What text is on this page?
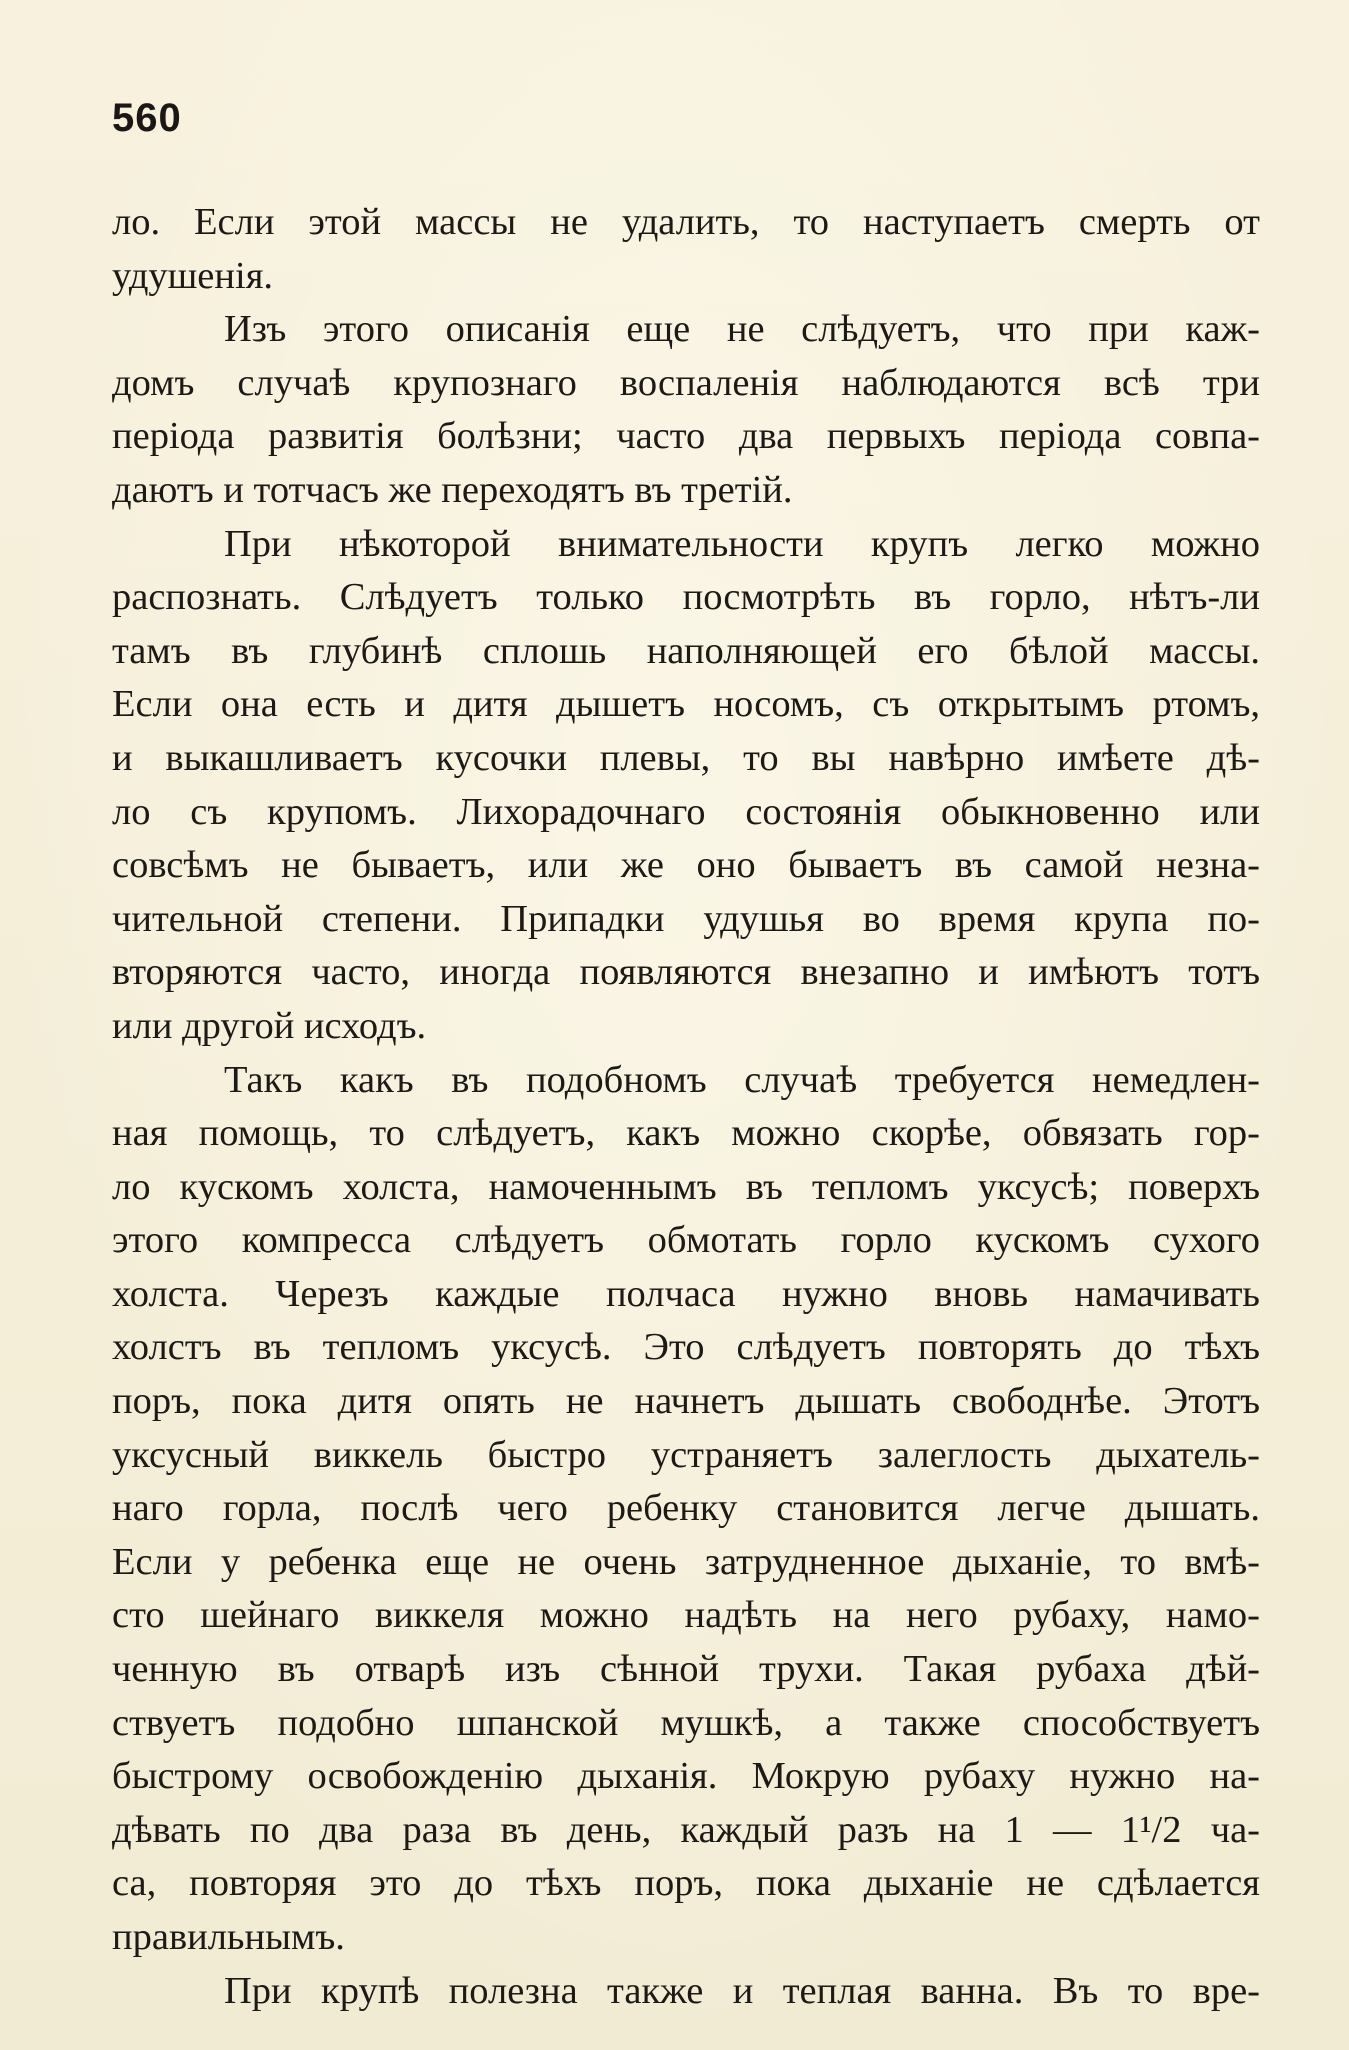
560
ло. Если этой массы не удалить, то наступаетъ смерть от
удушенія.
Изъ этого описанія еще не слѣдуетъ, что при каж-
домъ случаѣ крупознаго воспаленія наблюдаются всѣ три
періода развитія болѣзни; часто два первыхъ періода совпа-
даютъ и тотчасъ же переходятъ въ третій.
При нѣкоторой внимательности крупъ легко можно
распознать. Слѣдуетъ только посмотрѣть въ горло, нѣтъ-ли
тамъ въ глубинѣ сплошь наполняющей его бѣлой массы.
Если она есть и дитя дышетъ носомъ, съ открытымъ ртомъ,
и выкашливаетъ кусочки плевы, то вы навѣрно имѣете дѣ-
ло съ крупомъ. Лихорадочнаго состоянія обыкновенно или
совсѣмъ не бываетъ, или же оно бываетъ въ самой незна-
чительной степени. Припадки удушья во время крупа по-
вторяются часто, иногда появляются внезапно и имѣютъ тотъ
или другой исходъ.
Такъ какъ въ подобномъ случаѣ требуется немедлен-
ная помощь, то слѣдуетъ, какъ можно скорѣе, обвязать гор-
ло кускомъ холста, намоченнымъ въ тепломъ уксусѣ; поверхъ
этого компресса слѣдуетъ обмотать горло кускомъ сухого
холста. Черезъ каждые полчаса нужно вновь намачивать
холстъ въ тепломъ уксусѣ. Это слѣдуетъ повторять до тѣхъ
поръ, пока дитя опять не начнетъ дышать свободнѣе. Этотъ
уксусный виккель быстро устраняетъ залеглость дыхатель-
наго горла, послѣ чего ребенку становится легче дышать.
Если у ребенка еще не очень затрудненное дыханіе, то вмѣ-
сто шейнаго виккеля можно надѣть на него рубаху, намо-
ченную въ отварѣ изъ сѣнной трухи. Такая рубаха дѣй-
ствуетъ подобно шпанской мушкѣ, а также способствуетъ
быстрому освобожденію дыханія. Мокрую рубаху нужно на-
дѣвать по два раза въ день, каждый разъ на 1 — 1¹/2 ча-
са, повторяя это до тѣхъ поръ, пока дыханіе не сдѣлается
правильнымъ.
При крупѣ полезна также и теплая ванна. Въ то вре-
